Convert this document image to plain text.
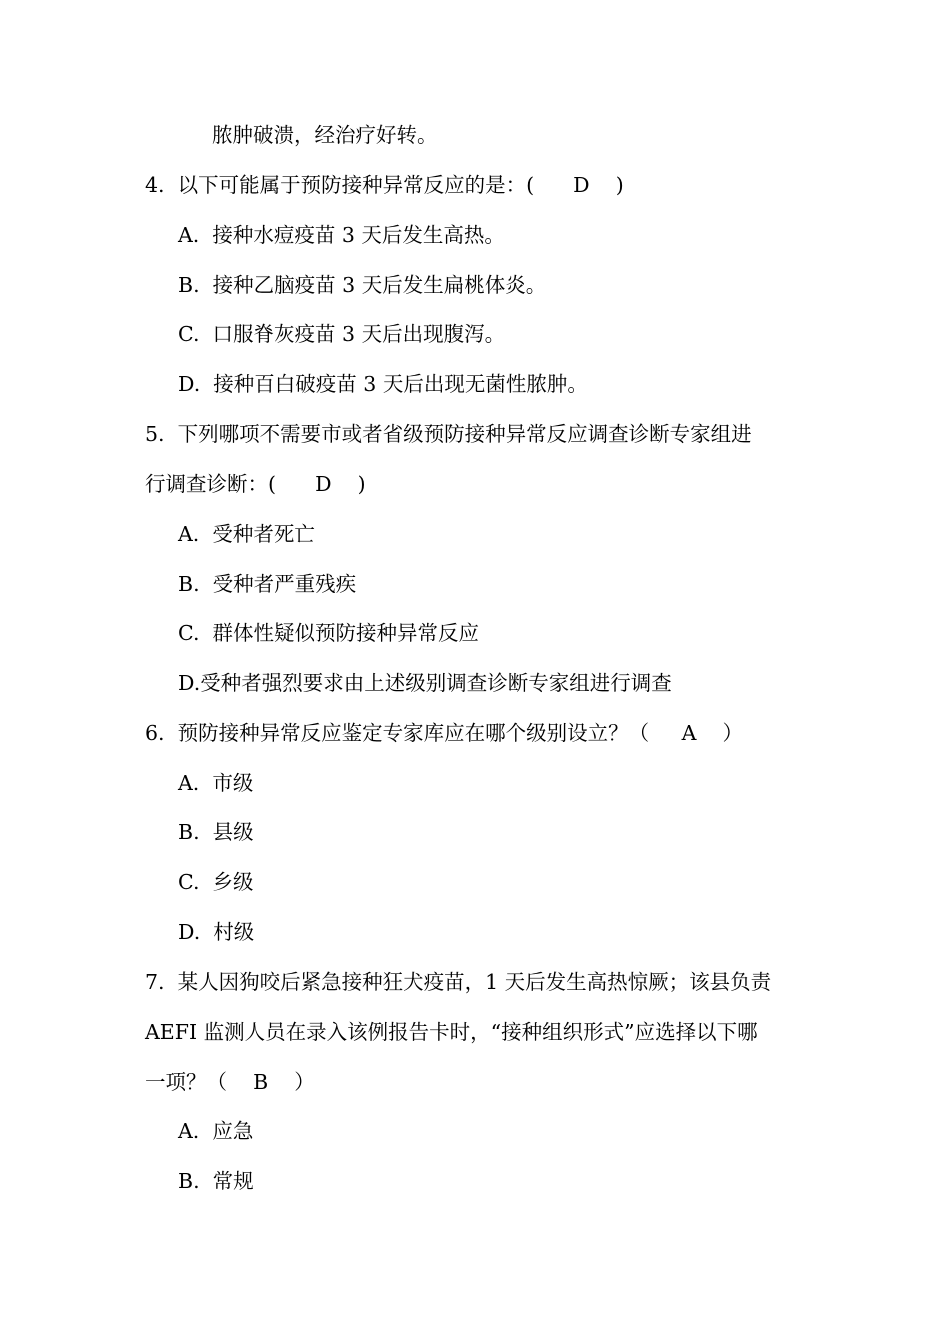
脓肿破溃，经治疗好转。
4.  以下可能属于预防接种异常反应的是：(      D    )
A.  接种水痘疫苗 3 天后发生高热。
B.  接种乙脑疫苗 3 天后发生扁桃体炎。
C.  口服脊灰疫苗 3 天后出现腹泻。
D.  接种百白破疫苗 3 天后出现无菌性脓肿。
5.  下列哪项不需要市或者省级预防接种异常反应调查诊断专家组进
行调查诊断：(      D    )
A.  受种者死亡
B.  受种者严重残疾
C.  群体性疑似预防接种异常反应
D.受种者强烈要求由上述级别调查诊断专家组进行调查
6.  预防接种异常反应鉴定专家库应在哪个级别设立？（     A    ）
A.  市级
B.  县级
C.  乡级
D.  村级
7.  某人因狗咬后紧急接种狂犬疫苗，1 天后发生高热惊厥；该县负责
AEFI 监测人员在录入该例报告卡时，“接种组织形式”应选择以下哪
一项？（    B    ）
A.  应急
B.  常规
